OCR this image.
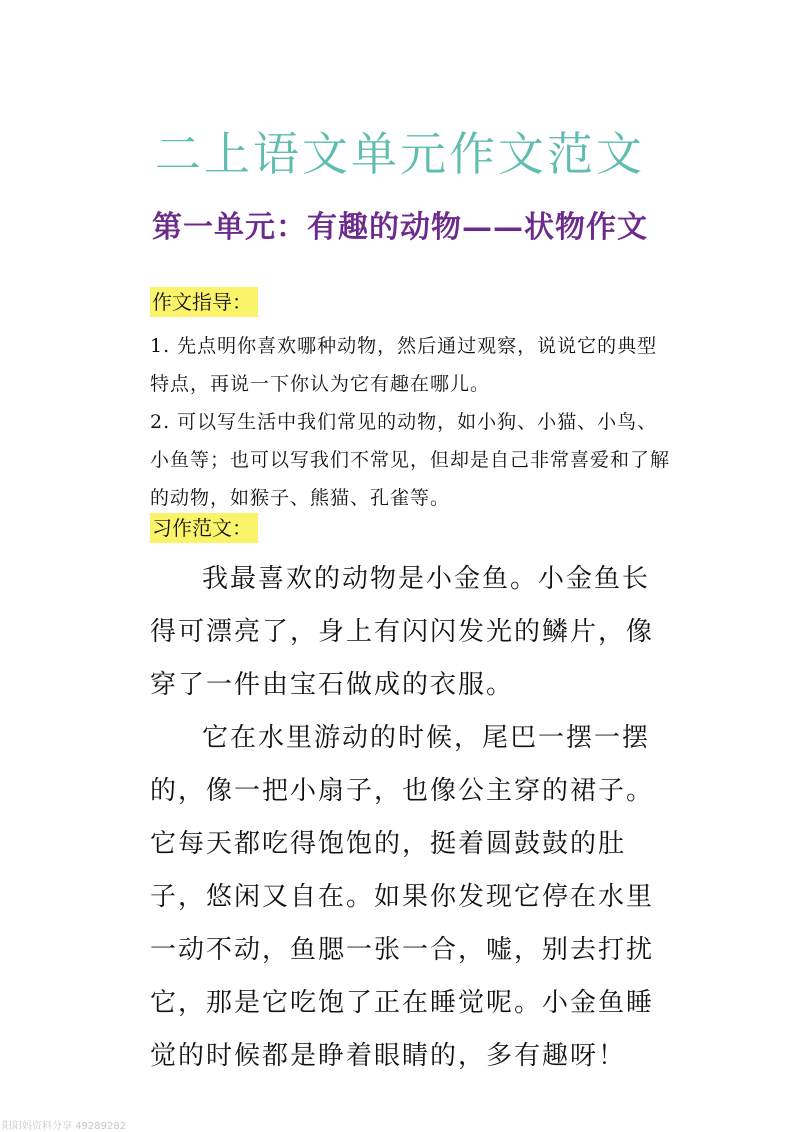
二上语文单元作文范文
第一单元：有趣的动物——状物作文
作文指导：

1. 先点明你喜欢哪种动物，然后通过观察，说说它的典型特点，再说一下你认为它有趣在哪儿。

2. 可以写生活中我们常见的动物，如小狗、小猫、小鸟、小鱼等；也可以写我们不常见，但却是自己非常喜爱和了解的动物，如猴子、熊猫、孔雀等。

习作范文：

我最喜欢的动物是小金鱼。小金鱼长得可漂亮了，身上有闪闪发光的鳞片，像穿了一件由宝石做成的衣服。

它在水里游动的时候，尾巴一摆一摆的，像一把小扇子，也像公主穿的裙子。它每天都吃得饱饱的，挺着圆鼓鼓的肚子，悠闲又自在。如果你发现它停在水里一动不动，鱼腮一张一合，嘘，别去打扰它，那是它吃饱了正在睡觉呢。小金鱼睡觉的时候都是睁着眼睛的，多有趣呀！

阳阳妈资料分享 49289282
